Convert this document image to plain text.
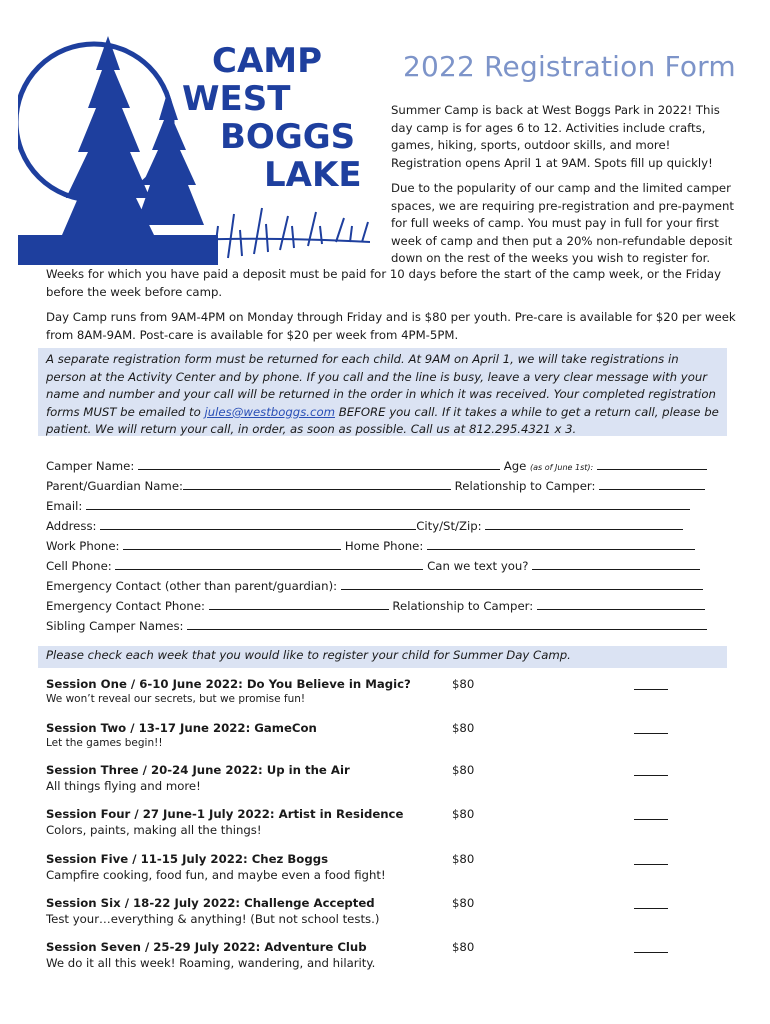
CAMP
WEST
BOGGS
LAKE
2022 Registration Form
Summer Camp is back at West Boggs Park in 2022! This day camp is for ages 6 to 12. Activities include crafts, games, hiking, sports, outdoor skills, and more! Registration opens April 1 at 9AM. Spots fill up quickly!
Due to the popularity of our camp and the limited camper spaces, we are requiring pre-registration and pre-payment for full weeks of camp. You must pay in full for your first week of camp and then put a 20% non-refundable deposit down on the rest of the weeks you wish to register for.
Weeks for which you have paid a deposit must be paid for 10 days before the start of the camp week, or the Friday before the week before camp.
Day Camp runs from 9AM-4PM on Monday through Friday and is $80 per youth. Pre-care is available for $20 per week from 8AM-9AM. Post-care is available for $20 per week from 4PM-5PM.
A separate registration form must be returned for each child. At 9AM on April 1, we will take registrations in person at the Activity Center and by phone. If you call and the line is busy, leave a very clear message with your name and number and your call will be returned in the order in which it was received. Your completed registration forms MUST be emailed to jules@westboggs.com BEFORE you call. If it takes a while to get a return call, please be patient. We will return your call, in order, as soon as possible. Call us at 812.295.4321 x 3.
Camper Name:	Age (as of June 1st):
Parent/Guardian Name:	Relationship to Camper:
Email:
Address:	City/St/Zip:
Work Phone:	Home Phone:
Cell Phone:	Can we text you?
Emergency Contact (other than parent/guardian):
Emergency Contact Phone:	Relationship to Camper:
Sibling Camper Names:
Please check each week that you would like to register your child for Summer Day Camp.
Session One / 6-10 June 2022: Do You Believe in Magic?
We won’t reveal our secrets, but we promise fun!
$80
Session Two / 13-17 June 2022: GameCon
Let the games begin!!
$80
Session Three / 20-24 June 2022: Up in the Air
All things flying and more!
$80
Session Four / 27 June-1 July 2022: Artist in Residence
Colors, paints, making all the things!
$80
Session Five / 11-15 July 2022: Chez Boggs
Campfire cooking, food fun, and maybe even a food fight!
$80
Session Six / 18-22 July 2022: Challenge Accepted
Test your…everything & anything! (But not school tests.)
$80
Session Seven / 25-29 July 2022: Adventure Club
We do it all this week! Roaming, wandering, and hilarity.
$80
